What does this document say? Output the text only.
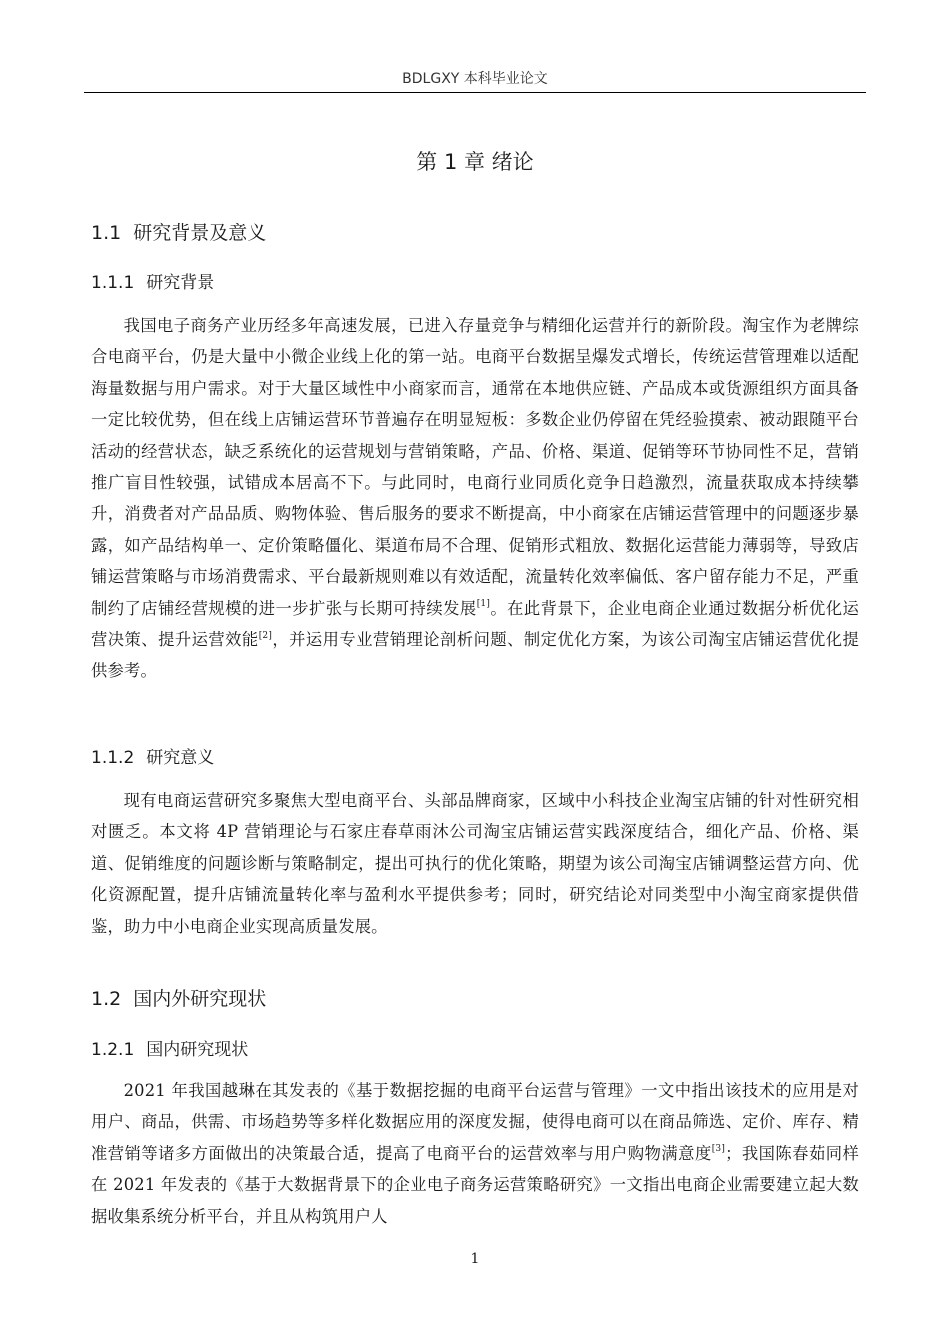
BDLGXY 本科毕业论文
第 1 章 绪论
1.1 研究背景及意义
1.1.1 研究背景

我国电子商务产业历经多年高速发展，已进入存量竞争与精细化运营并行的新阶段。淘宝作为老牌综合电商平台，仍是大量中小微企业线上化的第一站。电商平台数据呈爆发式增长，传统运营管理难以适配海量数据与用户需求。对于大量区域性中小商家而言，通常在本地供应链、产品成本或货源组织方面具备一定比较优势，但在线上店铺运营环节普遍存在明显短板：多数企业仍停留在凭经验摸索、被动跟随平台活动的经营状态，缺乏系统化的运营规划与营销策略，产品、价格、渠道、促销等环节协同性不足，营销推广盲目性较强，试错成本居高不下。与此同时，电商行业同质化竞争日趋激烈，流量获取成本持续攀升，消费者对产品品质、购物体验、售后服务的要求不断提高，中小商家在店铺运营管理中的问题逐步暴露，如产品结构单一、定价策略僵化、渠道布局不合理、促销形式粗放、数据化运营能力薄弱等，导致店铺运营策略与市场消费需求、平台最新规则难以有效适配，流量转化效率偏低、客户留存能力不足，严重制约了店铺经营规模的进一步扩张与长期可持续发展[1]。在此背景下，企业电商企业通过数据分析优化运营决策、提升运营效能[2]，并运用专业营销理论剖析问题、制定优化方案，为该公司淘宝店铺运营优化提供参考。

1.1.2 研究意义

现有电商运营研究多聚焦大型电商平台、头部品牌商家，区域中小科技企业淘宝店铺的针对性研究相对匮乏。本文将 4P 营销理论与石家庄春草雨沐公司淘宝店铺运营实践深度结合，细化产品、价格、渠道、促销维度的问题诊断与策略制定，提出可执行的优化策略，期望为该公司淘宝店铺调整运营方向、优化资源配置，提升店铺流量转化率与盈利水平提供参考；同时，研究结论对同类型中小淘宝商家提供借鉴，助力中小电商企业实现高质量发展。

1.2 国内外研究现状
1.2.1 国内研究现状

2021 年我国越琳在其发表的《基于数据挖掘的电商平台运营与管理》一文中指出该技术的应用是对用户、商品，供需、市场趋势等多样化数据应用的深度发掘，使得电商可以在商品筛选、定价、库存、精准营销等诸多方面做出的决策最合适，提高了电商平台的运营效率与用户购物满意度[3]；我国陈春茹同样在 2021 年发表的《基于大数据背景下的企业电子商务运营策略研究》一文指出电商企业需要建立起大数据收集系统分析平台，并且从构筑用户人

1
